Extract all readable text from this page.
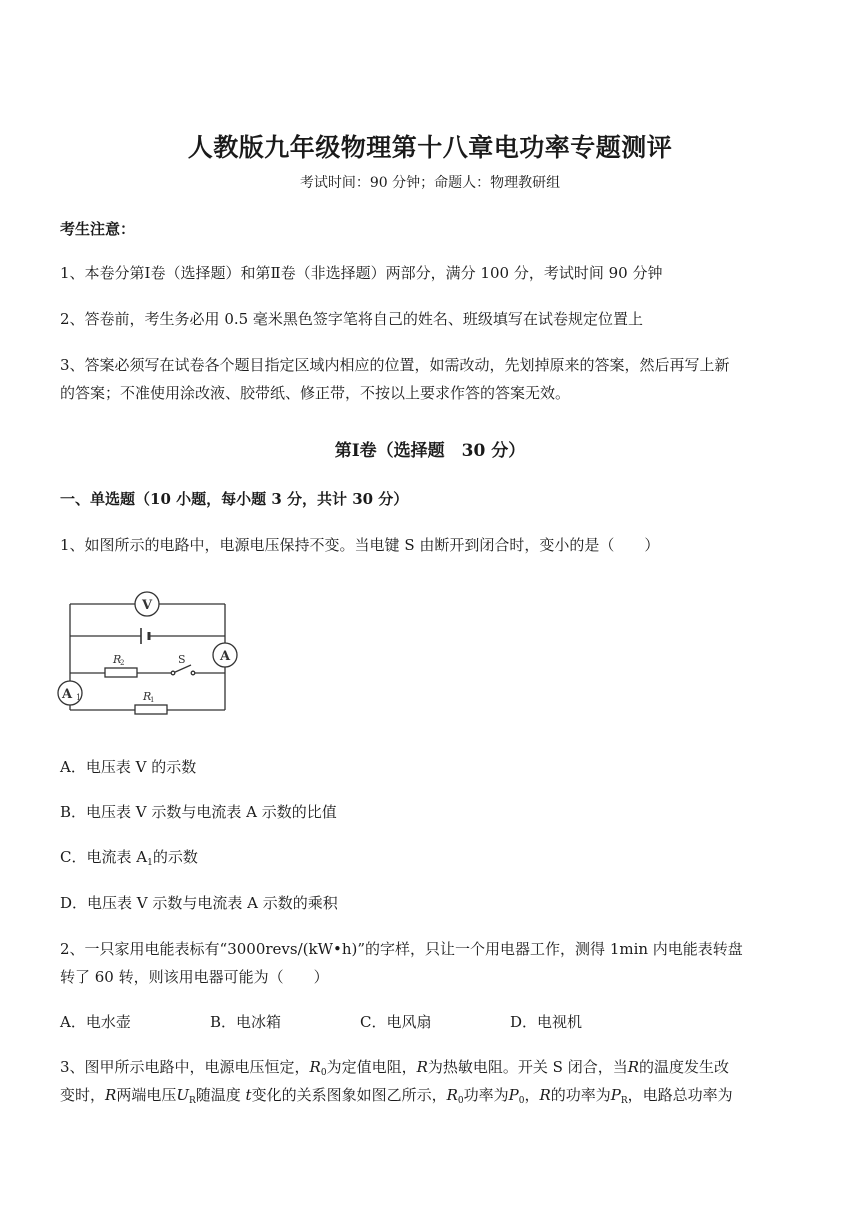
人教版九年级物理第十八章电功率专题测评
考试时间：90 分钟；命题人：物理教研组
考生注意：
1、本卷分第Ⅰ卷（选择题）和第Ⅱ卷（非选择题）两部分，满分 100 分，考试时间 90 分钟
2、答卷前，考生务必用 0.5 毫米黑色签字笔将自己的姓名、班级填写在试卷规定位置上
3、答案必须写在试卷各个题目指定区域内相应的位置，如需改动，先划掉原来的答案，然后再写上新
的答案；不准使用涂改液、胶带纸、修正带，不按以上要求作答的答案无效。
第Ⅰ卷（选择题　30 分）
一、单选题（10 小题，每小题 3 分，共计 30 分）
1、如图所示的电路中，电源电压保持不变。当电键 S 由断开到闭合时，变小的是（　　）
V
A
A 1
R
2
R
1
S
A．电压表 V 的示数
B．电压表 V 示数与电流表 A 示数的比值
C．电流表 $A_1$的示数
D．电压表 V 示数与电流表 A 示数的乘积
2、一只家用电能表标有“3000revs/(kW•h)”的字样，只让一个用电器工作，测得 1min 内电能表转盘
转了 60 转，则该用电器可能为（　　）
A．电水壶	B．电冰箱	C．电风扇	D．电视机
3、图甲所示电路中，电源电压恒定，$R_0$为定值电阻，R为热敏电阻。开关 S 闭合，当R的温度发生改
变时，R两端电压$U_R$随温度 t变化的关系图象如图乙所示，$R_0$功率为$P_0$，R的功率为$P_R$，电路总功率为
